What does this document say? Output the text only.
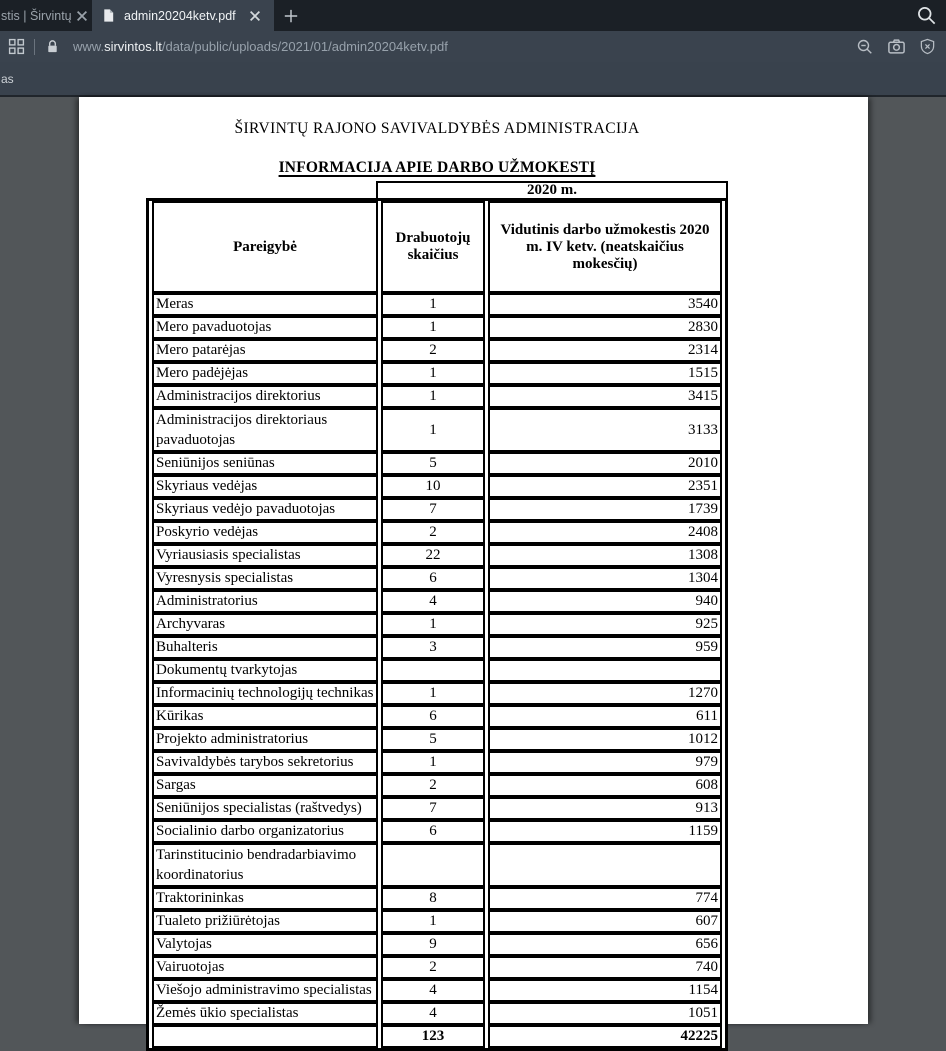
stis | Širvintų	admin20204ketv.pdf
www.sirvintos.lt/data/public/uploads/2021/01/admin20204ketv.pdf
as
ŠIRVINTŲ RAJONO SAVIVALDYBĖS ADMINISTRACIJA
INFORMACIJA APIE DARBO UŽMOKESTĮ
2020 m.
Pareigybė	Drabuotojų skaičius	Vidutinis darbo užmokestis 2020 m. IV ketv. (neatskaičius mokesčių)
Meras	1	3540
Mero pavaduotojas	1	2830
Mero patarėjas	2	2314
Mero padėjėjas	1	1515
Administracijos direktorius	1	3415
Administracijos direktoriaus pavaduotojas	1	3133
Seniūnijos seniūnas	5	2010
Skyriaus vedėjas	10	2351
Skyriaus vedėjo pavaduotojas	7	1739
Poskyrio vedėjas	2	2408
Vyriausiasis specialistas	22	1308
Vyresnysis specialistas	6	1304
Administratorius	4	940
Archyvaras	1	925
Buhalteris	3	959
Dokumentų tvarkytojas		
Informacinių technologijų technikas	1	1270
Kūrikas	6	611
Projekto administratorius	5	1012
Savivaldybės tarybos sekretorius	1	979
Sargas	2	608
Seniūnijos specialistas (raštvedys)	7	913
Socialinio darbo organizatorius	6	1159
Tarinstitucinio bendradarbiavimo koordinatorius		
Traktorininkas	8	774
Tualeto prižiūrėtojas	1	607
Valytojas	9	656
Vairuotojas	2	740
Viešojo administravimo specialistas	4	1154
Žemės ūkio specialistas	4	1051
	123	42225
